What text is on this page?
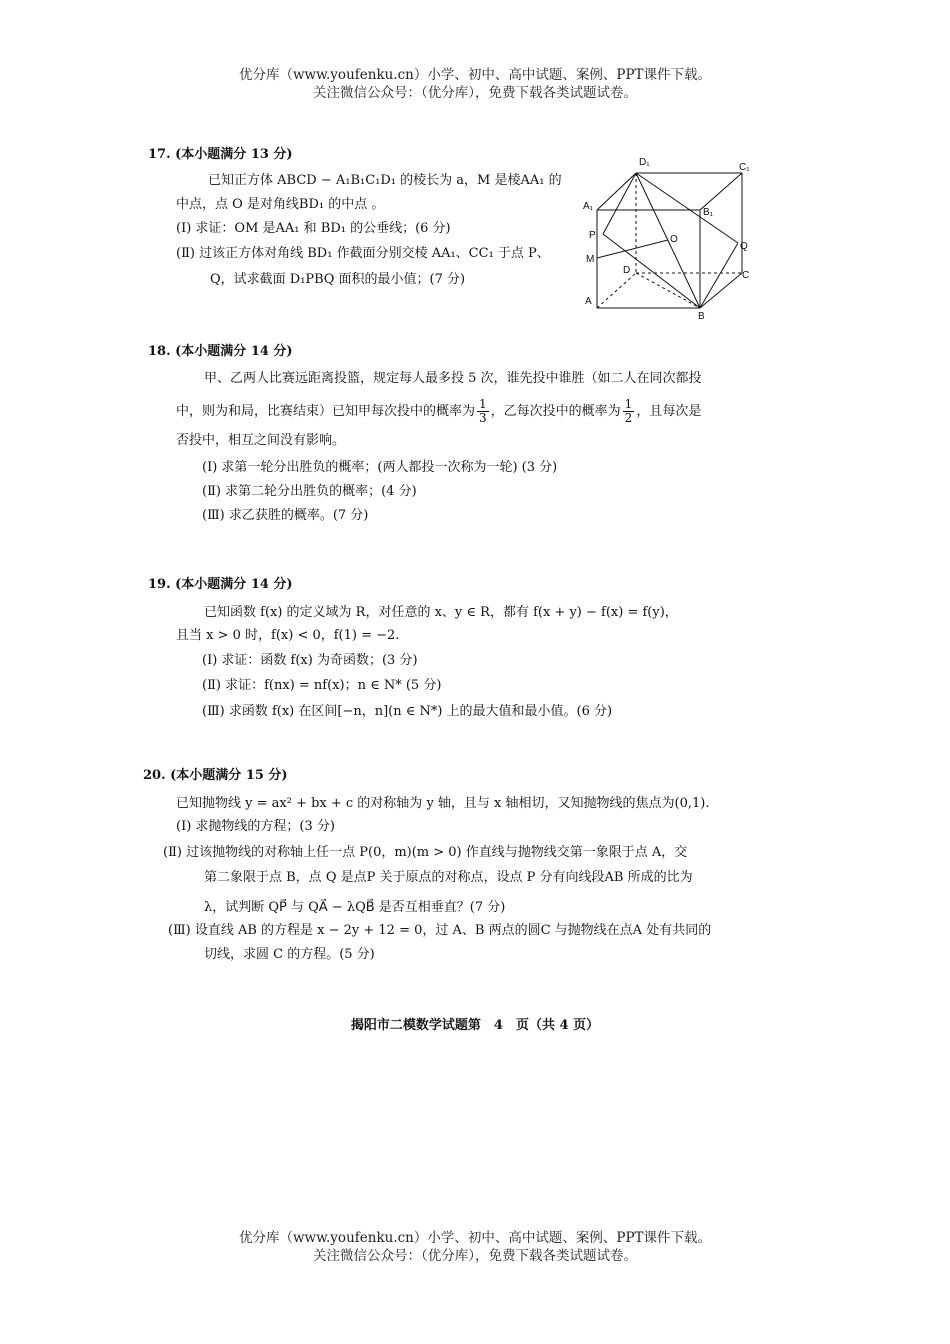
优分库（www.youfenku.cn）小学、初中、高中试题、案例、PPT课件下载。
关注微信公众号：（优分库），免费下载各类试题试卷。
17. (本小题满分 13 分)
已知正方体 ABCD − A₁B₁C₁D₁ 的棱长为 a，M 是棱AA₁ 的
中点，点 O 是对角线BD₁ 的中点 。
(Ⅰ) 求证：OM 是AA₁ 和 BD₁ 的公垂线；(6 分)
(Ⅱ) 过该正方体对角线 BD₁ 作截面分别交棱 AA₁、CC₁ 于点 P、
Q，试求截面 D₁PBQ 面积的最小值；(7 分)
D₁	C₁
A₁
B₁
P
M
O
Q
D	C
A
B
18. (本小题满分 14 分)
甲、乙两人比赛远距离投篮，规定每人最多投 5 次，谁先投中谁胜（如二人在同次都投
中，则为和局，比赛结束）已知甲每次投中的概率为 $\frac{1}{3}$ ，乙每次投中的概率为 $\frac{1}{2}$ ，且每次是
否投中，相互之间没有影响。
(Ⅰ) 求第一轮分出胜负的概率；(两人都投一次称为一轮) (3 分)
(Ⅱ) 求第二轮分出胜负的概率；(4 分)
(Ⅲ) 求乙获胜的概率。(7 分)
19. (本小题满分 14 分)
已知函数 f(x) 的定义域为 R，对任意的 x、y ∈ R，都有 f(x + y) − f(x) = f(y)，
且当 x > 0 时，f(x) < 0，f(1) = −2.
(Ⅰ) 求证：函数 f(x) 为奇函数；(3 分)
(Ⅱ) 求证：f(nx) = nf(x)；n ∈ N* (5 分)
(Ⅲ) 求函数 f(x) 在区间[−n，n](n ∈ N*) 上的最大值和最小值。(6 分)
20. (本小题满分 15 分)
已知抛物线 y = ax² + bx + c 的对称轴为 y 轴，且与 x 轴相切，又知抛物线的焦点为(0,1).
(Ⅰ) 求抛物线的方程；(3 分)
(Ⅱ) 过该抛物线的对称轴上任一点 P(0，m)(m > 0) 作直线与抛物线交第一象限于点 A，交
第二象限于点 B，点 Q 是点P 关于原点的对称点，设点 P 分有向线段AB 所成的比为
λ，试判断 QP⃗ 与 QA⃗ − λQB⃗ 是否互相垂直？(7 分)
(Ⅲ) 设直线 AB 的方程是 x − 2y + 12 = 0，过 A、B 两点的圆C 与抛物线在点A 处有共同的
切线，求圆 C 的方程。(5 分)
揭阳市二模数学试题第　4　页（共 4 页）
优分库（www.youfenku.cn）小学、初中、高中试题、案例、PPT课件下载。
关注微信公众号：（优分库），免费下载各类试题试卷。
